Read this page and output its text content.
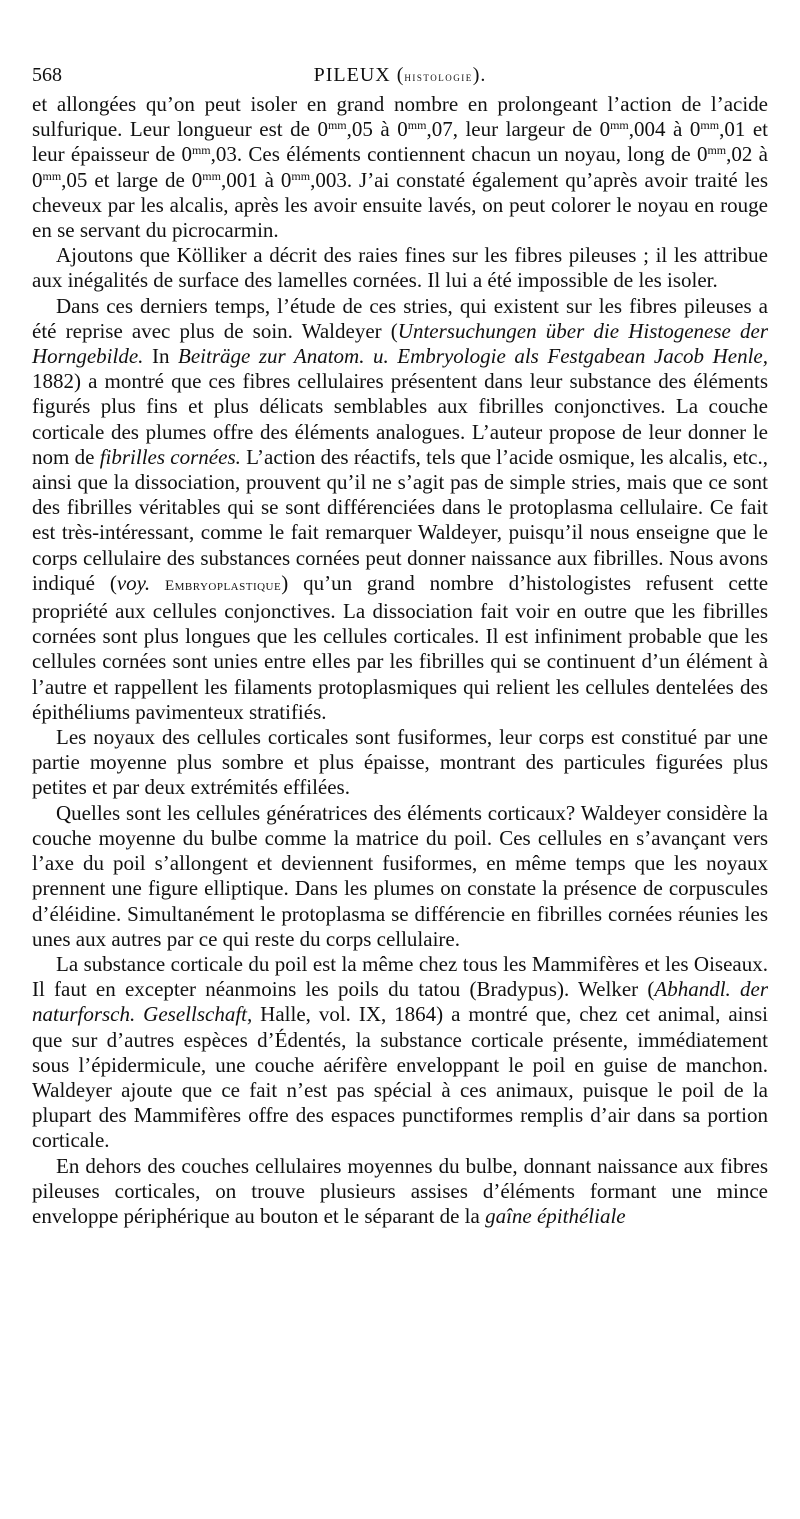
568	PILEUX (histologie).

et allongées qu’on peut isoler en grand nombre en prolongeant l’action de l’acide sulfurique. Leur longueur est de $0^{mm},05$ à $0^{mm},07$, leur largeur de $0^{mm},004$ à $0^{mm},01$ et leur épaisseur de $0^{mm},03$. Ces éléments contiennent chacun un noyau, long de $0^{mm},02$ à $0^{mm},05$ et large de $0^{mm},001$ à $0^{mm},003$. J’ai constaté également qu’après avoir traité les cheveux par les alcalis, après les avoir ensuite lavés, on peut colorer le noyau en rouge en se servant du picrocarmin.

Ajoutons que Kölliker a décrit des raies fines sur les fibres pileuses ; il les attribue aux inégalités de surface des lamelles cornées. Il lui a été impossible de les isoler.

Dans ces derniers temps, l’étude de ces stries, qui existent sur les fibres pileuses a été reprise avec plus de soin. Waldeyer (Untersuchungen über die Histogenese der Horngebilde. In Beiträge zur Anatom. u. Embryologie als Festgabean Jacob Henle, 1882) a montré que ces fibres cellulaires présentent dans leur substance des éléments figurés plus fins et plus délicats semblables aux fibrilles conjonctives. La couche corticale des plumes offre des éléments analogues. L’auteur propose de leur donner le nom de fibrilles cornées. L’action des réactifs, tels que l’acide osmique, les alcalis, etc., ainsi que la dissociation, prouvent qu’il ne s’agit pas de simple stries, mais que ce sont des fibrilles véritables qui se sont différenciées dans le protoplasma cellulaire. Ce fait est très-intéressant, comme le fait remarquer Waldeyer, puisqu’il nous enseigne que le corps cellulaire des substances cornées peut donner naissance aux fibrilles. Nous avons indiqué (voy. Embryoplastique) qu’un grand nombre d’histologistes refusent cette propriété aux cellules conjonctives. La dissociation fait voir en outre que les fibrilles cornées sont plus longues que les cellules corticales. Il est infiniment probable que les cellules cornées sont unies entre elles par les fibrilles qui se continuent d’un élément à l’autre et rappellent les filaments protoplasmiques qui relient les cellules dentelées des épithéliums pavimenteux stratifiés.

Les noyaux des cellules corticales sont fusiformes, leur corps est constitué par une partie moyenne plus sombre et plus épaisse, montrant des particules figurées plus petites et par deux extrémités effilées.

Quelles sont les cellules génératrices des éléments corticaux? Waldeyer considère la couche moyenne du bulbe comme la matrice du poil. Ces cellules en s’avançant vers l’axe du poil s’allongent et deviennent fusiformes, en même temps que les noyaux prennent une figure elliptique. Dans les plumes on constate la présence de corpuscules d’éléidine. Simultanément le protoplasma se différencie en fibrilles cornées réunies les unes aux autres par ce qui reste du corps cellulaire.

La substance corticale du poil est la même chez tous les Mammifères et les Oiseaux. Il faut en excepter néanmoins les poils du tatou (Bradypus). Welker (Abhandl. der naturforsch. Gesellschaft, Halle, vol. IX, 1864) a montré que, chez cet animal, ainsi que sur d’autres espèces d’Édentés, la substance corticale présente, immédiatement sous l’épidermicule, une couche aérifère enveloppant le poil en guise de manchon. Waldeyer ajoute que ce fait n’est pas spécial à ces animaux, puisque le poil de la plupart des Mammifères offre des espaces punctiformes remplis d’air dans sa portion corticale.

En dehors des couches cellulaires moyennes du bulbe, donnant naissance aux fibres pileuses corticales, on trouve plusieurs assises d’éléments formant une mince enveloppe périphérique au bouton et le séparant de la gaîne épithéliale
